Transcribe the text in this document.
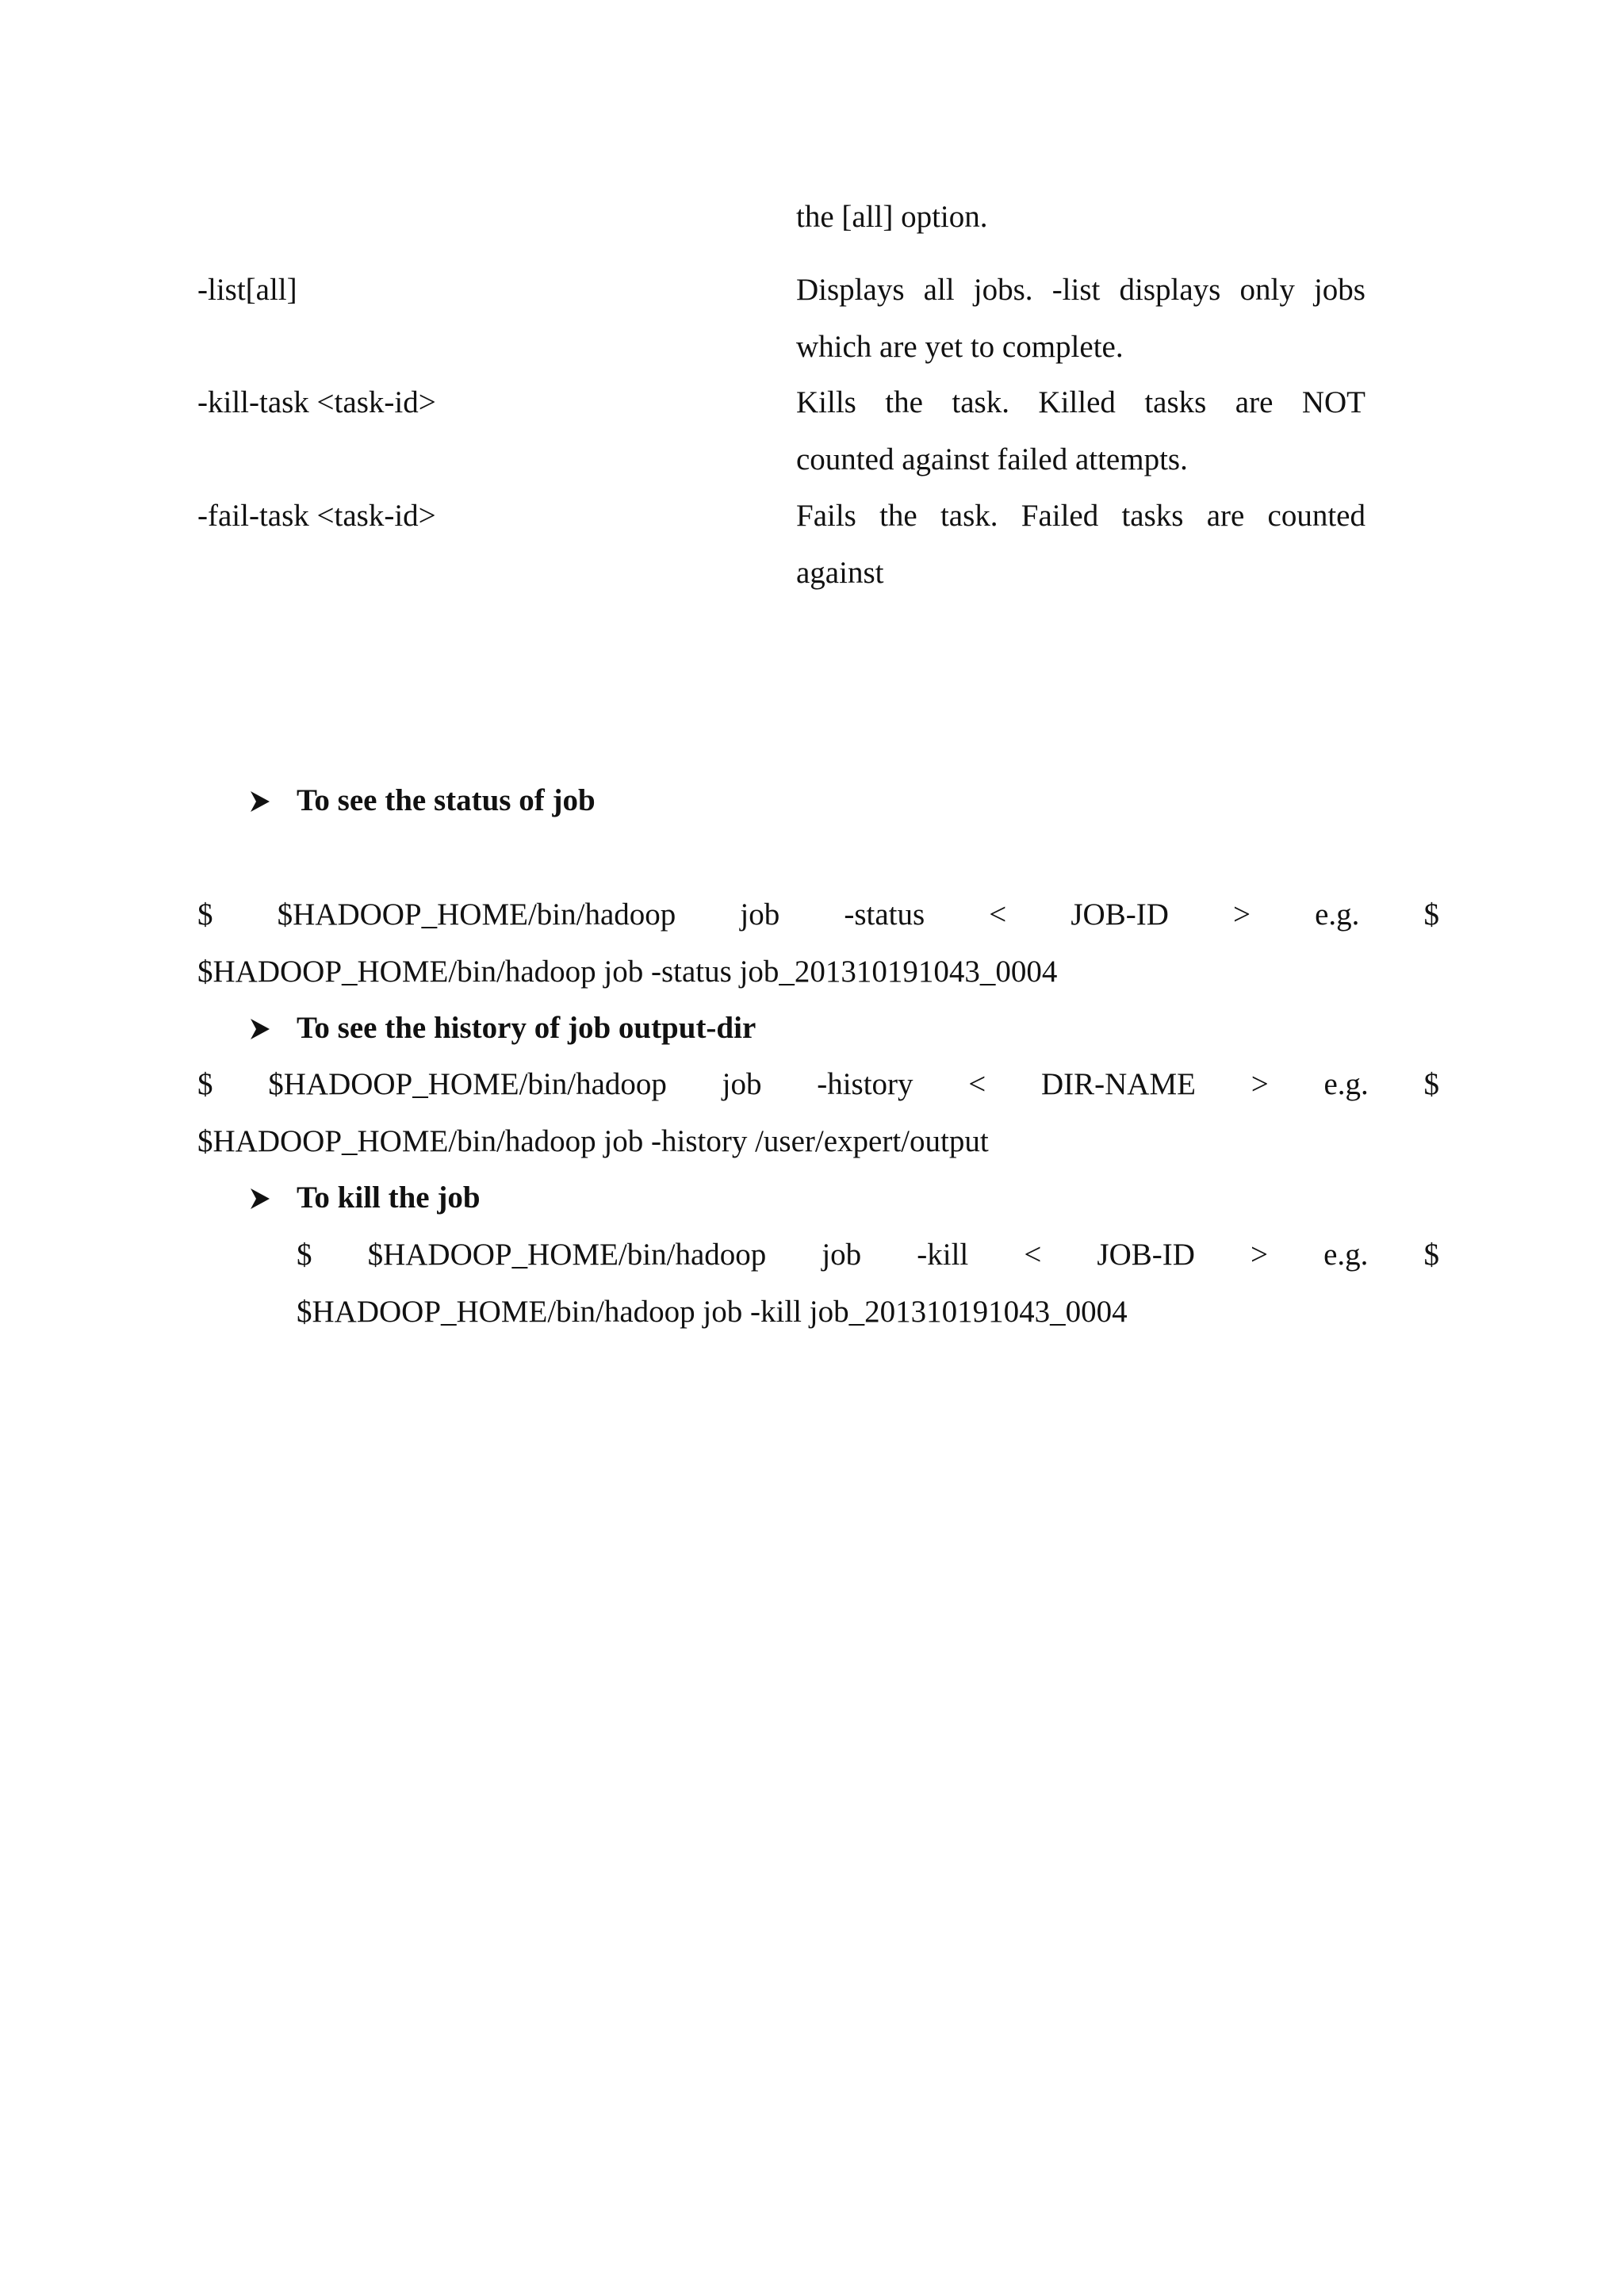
the [all] option.
-list[all]	Displays all jobs. -list displays only jobs
which are yet to complete.
-kill-task <task-id>	Kills the task. Killed tasks are NOT
counted against failed attempts.
-fail-task <task-id>	Fails the task. Failed tasks are counted
against
To see the status of job
$ $HADOOP_HOME/bin/hadoop job -status < JOB-ID > e.g. $
$HADOOP_HOME/bin/hadoop job -status job_201310191043_0004
To see the history of job output-dir
$ $HADOOP_HOME/bin/hadoop job -history < DIR-NAME > e.g. $
$HADOOP_HOME/bin/hadoop job -history /user/expert/output
To kill the job
$ $HADOOP_HOME/bin/hadoop job -kill < JOB-ID > e.g. $
$HADOOP_HOME/bin/hadoop job -kill job_201310191043_0004
